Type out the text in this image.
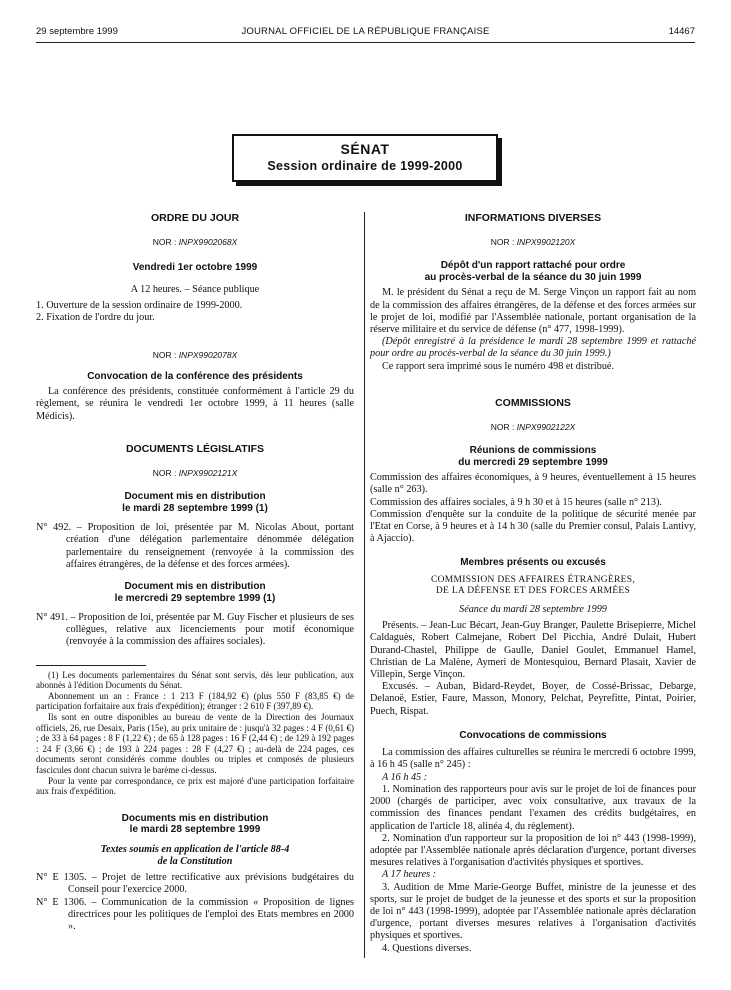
29 septembre 1999	JOURNAL OFFICIEL DE LA RÉPUBLIQUE FRANÇAISE	14467
SÉNAT
Session ordinaire de 1999-2000

ORDRE DU JOUR

NOR : INPX9902068X

Vendredi 1er octobre 1999

A 12 heures. – Séance publique

1. Ouverture de la session ordinaire de 1999-2000.

2. Fixation de l'ordre du jour.

NOR : INPX9902078X

Convocation de la conférence des présidents

La conférence des présidents, constituée conformément à l'article 29 du règlement, se réunira le vendredi 1er octobre 1999, à 11 heures (salle Médicis).

DOCUMENTS LÉGISLATIFS

NOR : INPX9902121X

Document mis en distribution
le mardi 28 septembre 1999 (1)

N° 492. – Proposition de loi, présentée par M. Nicolas About, portant création d'une délégation parlementaire dénommée délégation parlementaire du renseignement (renvoyée à la commission des affaires étrangères, de la défense et des forces armées).

Document mis en distribution
le mercredi 29 septembre 1999 (1)

N° 491. – Proposition de loi, présentée par M. Guy Fischer et plusieurs de ses collègues, relative aux licenciements pour motif économique (renvoyée à la commission des affaires sociales).

(1) Les documents parlementaires du Sénat sont servis, dès leur publication, aux abonnés à l'édition Documents du Sénat.

Abonnement un an : France : 1 213 F (184,92 €) (plus 550 F (83,85 €) de participation forfaitaire aux frais d'expédition); étranger : 2 610 F (397,89 €).

Ils sont en outre disponibles au bureau de vente de la Direction des Journaux officiels, 26, rue Desaix, Paris (15e), au prix unitaire de : jusqu'à 32 pages : 4 F (0,61 €) ; de 33 à 64 pages : 8 F (1,22 €) ; de 65 à 128 pages : 16 F (2,44 €) ; de 129 à 192 pages : 24 F (3,66 €) ; de 193 à 224 pages : 28 F (4,27 €) ; au-delà de 224 pages, ces documents seront considérés comme doubles ou triples et composés de plusieurs fascicules dont chacun suivra le barème ci-dessus.

Pour la vente par correspondance, ce prix est majoré d'une participation forfaitaire aux frais d'expédition.

Documents mis en distribution
le mardi 28 septembre 1999
Textes soumis en application de l'article 88-4
de la Constitution

N° E 1305. – Projet de lettre rectificative aux prévisions budgétaires du Conseil pour l'exercice 2000.

N° E 1306. – Communication de la commission « Proposition de lignes directrices pour les politiques de l'emploi des Etats membres en 2000 ».

INFORMATIONS DIVERSES

NOR : INPX9902120X

Dépôt d'un rapport rattaché pour ordre
au procès-verbal de la séance du 30 juin 1999

M. le président du Sénat a reçu de M. Serge Vinçon un rapport fait au nom de la commission des affaires étrangères, de la défense et des forces armées sur le projet de loi, modifié par l'Assemblée nationale, portant organisation de la réserve militaire et du service de défense (n° 477, 1998-1999).

(Dépôt enregistré à la présidence le mardi 28 septembre 1999 et rattaché pour ordre au procès-verbal de la séance du 30 juin 1999.)

Ce rapport sera imprimé sous le numéro 498 et distribué.

COMMISSIONS

NOR : INPX9902122X

Réunions de commissions
du mercredi 29 septembre 1999

Commission des affaires économiques, à 9 heures, éventuellement à 15 heures (salle n° 263).

Commission des affaires sociales, à 9 h 30 et à 15 heures (salle n° 213).

Commission d'enquête sur la conduite de la politique de sécurité menée par l'Etat en Corse, à 9 heures et à 14 h 30 (salle du Premier consul, Palais Lantivy, à Ajaccio).

Membres présents ou excusés

COMMISSION DES AFFAIRES ÉTRANGÈRES,
DE LA DÉFENSE ET DES FORCES ARMÉES

Séance du mardi 28 septembre 1999

Présents. – Jean-Luc Bécart, Jean-Guy Branger, Paulette Brisepierre, Michel Caldaguès, Robert Calmejane, Robert Del Picchia, André Dulait, Hubert Durand-Chastel, Philippe de Gaulle, Daniel Goulet, Emmanuel Hamel, Christian de La Malène, Aymeri de Montesquiou, Bernard Plasait, Xavier de Villepin, Serge Vinçon.

Excusés. – Auban, Bidard-Reydet, Boyer, de Cossé-Brissac, Debarge, Delanoë, Estier, Faure, Masson, Monory, Pelchat, Peyrefitte, Pintat, Poirier, Puech, Rispat.

Convocations de commissions

La commission des affaires culturelles se réunira le mercredi 6 octobre 1999, à 16 h 45 (salle n° 245) :

A 16 h 45 :

1. Nomination des rapporteurs pour avis sur le projet de loi de finances pour 2000 (chargés de participer, avec voix consultative, aux travaux de la commission des finances pendant l'examen des crédits budgétaires, en application de l'article 18, alinéa 4, du règlement).

2. Nomination d'un rapporteur sur la proposition de loi n° 443 (1998-1999), adoptée par l'Assemblée nationale après déclaration d'urgence, portant diverses mesures relatives à l'organisation d'activités physiques et sportives.

A 17 heures :

3. Audition de Mme Marie-George Buffet, ministre de la jeunesse et des sports, sur le projet de budget de la jeunesse et des sports et sur la proposition de loi n° 443 (1998-1999), adoptée par l'Assemblée nationale après déclaration d'urgence, portant diverses mesures relatives à l'organisation d'activités physiques et sportives.

4. Questions diverses.
